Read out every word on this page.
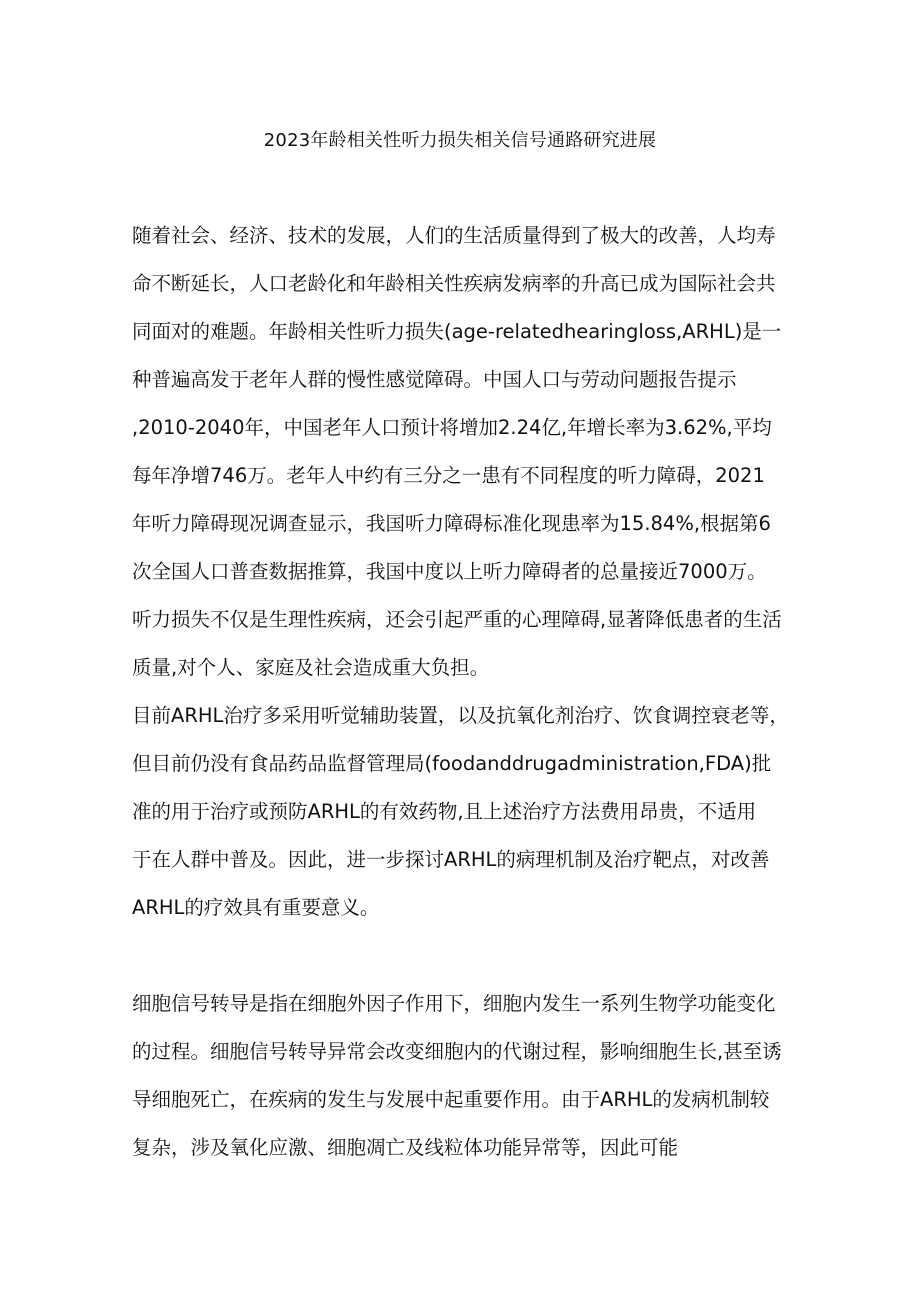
2023年龄相关性听力损失相关信号通路研究进展
随着社会、经济、技术的发展，人们的生活质量得到了极大的改善，人均寿
命不断延长，人口老龄化和年龄相关性疾病发病率的升高已成为国际社会共
同面对的难题。年龄相关性听力损失(age-relatedhearingloss,ARHL)是一
种普遍高发于老年人群的慢性感觉障碍。中国人口与劳动问题报告提示
,2010-2040年，中国老年人口预计将增加2.24亿,年增长率为3.62%,平均
每年净增746万。老年人中约有三分之一患有不同程度的听力障碍，2021
年听力障碍现况调查显示，我国听力障碍标准化现患率为15.84%,根据第6
次全国人口普查数据推算，我国中度以上听力障碍者的总量接近7000万。
听力损失不仅是生理性疾病，还会引起严重的心理障碍,显著降低患者的生活
质量,对个人、家庭及社会造成重大负担。
目前ARHL治疗多采用听觉辅助装置，以及抗氧化剂治疗、饮食调控衰老等，
但目前仍没有食品药品监督管理局(foodanddrugadministration,FDA)批
准的用于治疗或预防ARHL的有效药物,且上述治疗方法费用昂贵，不适用
于在人群中普及。因此，进一步探讨ARHL的病理机制及治疗靶点，对改善
ARHL的疗效具有重要意义。
细胞信号转导是指在细胞外因子作用下，细胞内发生一系列生物学功能变化
的过程。细胞信号转导异常会改变细胞内的代谢过程，影响细胞生长,甚至诱
导细胞死亡，在疾病的发生与发展中起重要作用。由于ARHL的发病机制较
复杂，涉及氧化应激、细胞凋亡及线粒体功能异常等，因此可能
